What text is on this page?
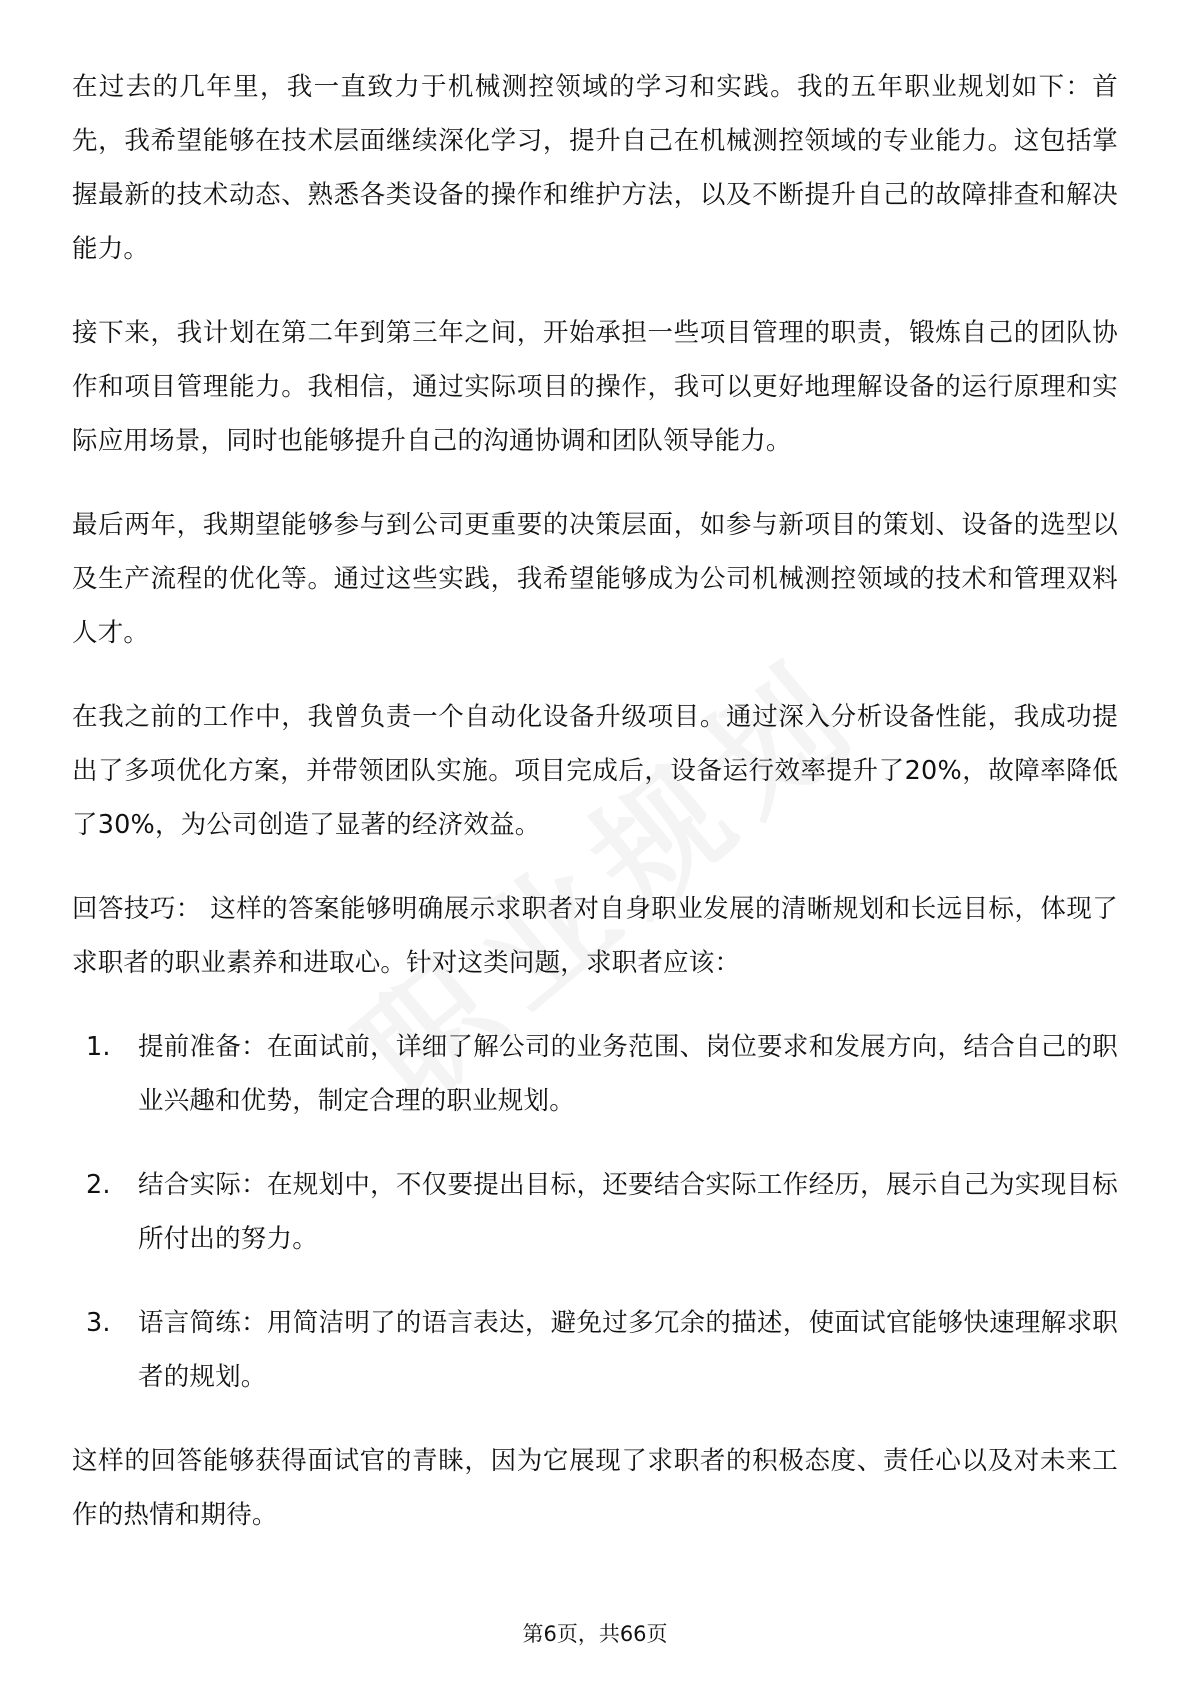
在过去的几年里，我一直致力于机械测控领域的学习和实践。我的五年职业规划如下：首先，我希望能够在技术层面继续深化学习，提升自己在机械测控领域的专业能力。这包括掌握最新的技术动态、熟悉各类设备的操作和维护方法，以及不断提升自己的故障排查和解决能力。

接下来，我计划在第二年到第三年之间，开始承担一些项目管理的职责，锻炼自己的团队协作和项目管理能力。我相信，通过实际项目的操作，我可以更好地理解设备的运行原理和实际应用场景，同时也能够提升自己的沟通协调和团队领导能力。

最后两年，我期望能够参与到公司更重要的决策层面，如参与新项目的策划、设备的选型以及生产流程的优化等。通过这些实践，我希望能够成为公司机械测控领域的技术和管理双料人才。

在我之前的工作中，我曾负责一个自动化设备升级项目。通过深入分析设备性能，我成功提出了多项优化方案，并带领团队实施。项目完成后，设备运行效率提升了20%，故障率降低了30%，为公司创造了显著的经济效益。

回答技巧： 这样的答案能够明确展示求职者对自身职业发展的清晰规划和长远目标，体现了求职者的职业素养和进取心。针对这类问题，求职者应该：

1.	提前准备：在面试前，详细了解公司的业务范围、岗位要求和发展方向，结合自己的职业兴趣和优势，制定合理的职业规划。
2.	结合实际：在规划中，不仅要提出目标，还要结合实际工作经历，展示自己为实现目标所付出的努力。
3.	语言简练：用简洁明了的语言表达，避免过多冗余的描述，使面试官能够快速理解求职者的规划。

这样的回答能够获得面试官的青睐，因为它展现了求职者的积极态度、责任心以及对未来工作的热情和期待。

第6页，共66页
